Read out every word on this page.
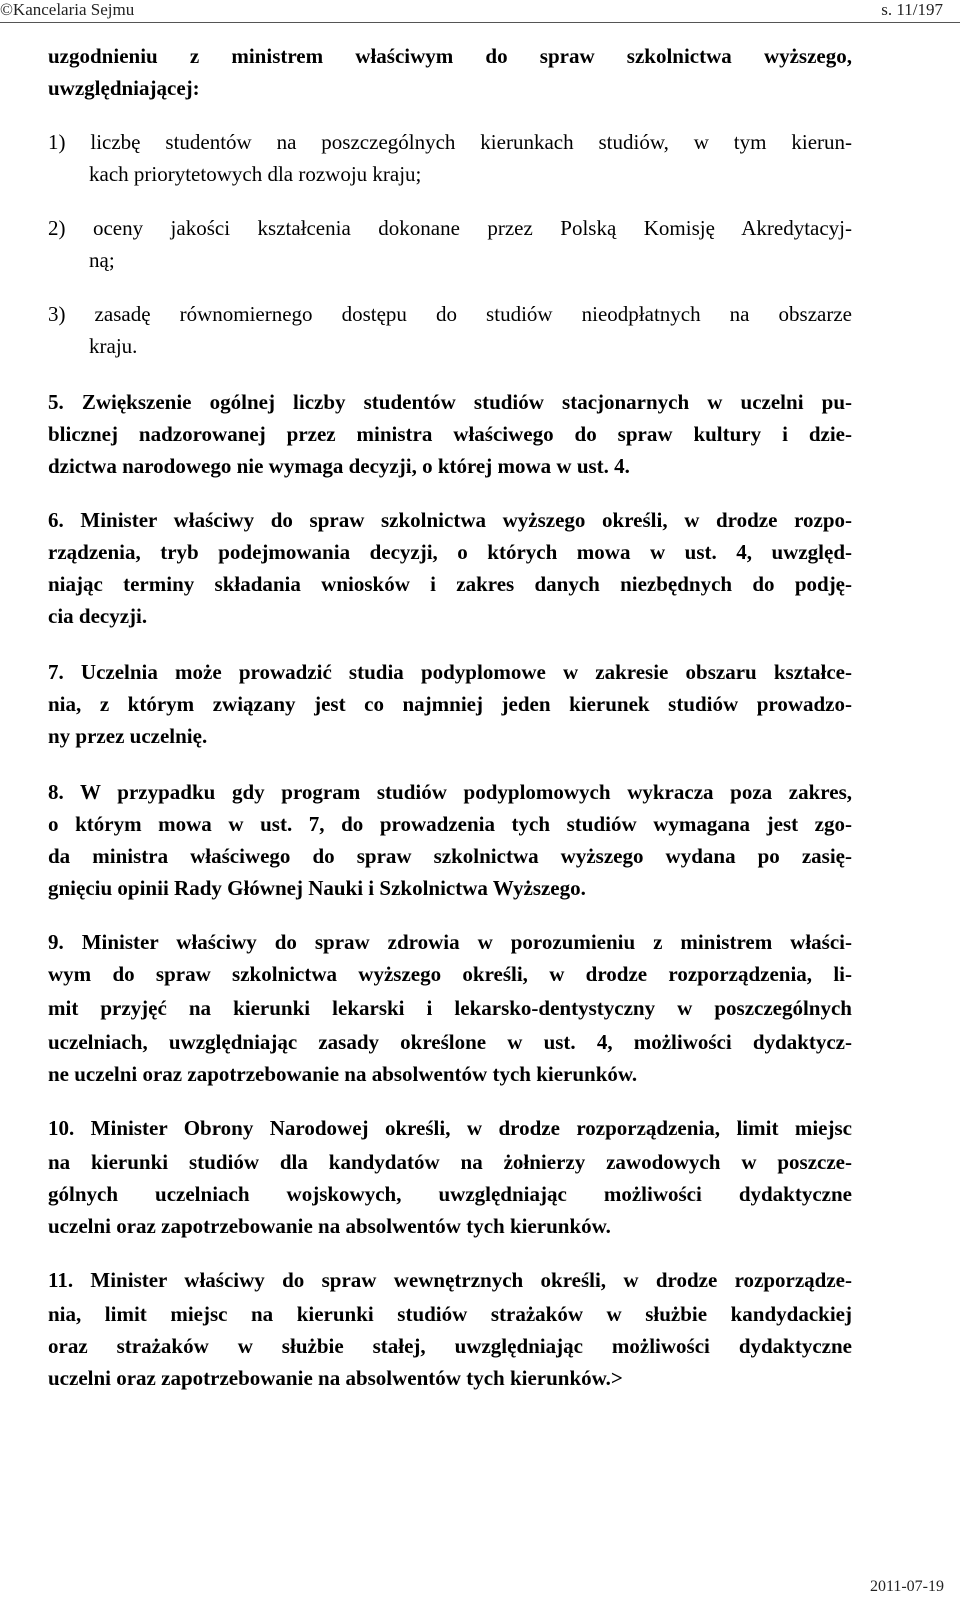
©Kancelaria Sejmu	s. 11/197
uzgodnieniu z ministrem właściwym do spraw szkolnictwa wyższego,
uwzględniającej:
1) liczbę studentów na poszczególnych kierunkach studiów, w tym kierun-
kach priorytetowych dla rozwoju kraju;
2) oceny jakości kształcenia dokonane przez Polską Komisję Akredytacyj-
ną;
3) zasadę równomiernego dostępu do studiów nieodpłatnych na obszarze
kraju.
5. Zwiększenie ogólnej liczby studentów studiów stacjonarnych w uczelni pu-
blicznej nadzorowanej przez ministra właściwego do spraw kultury i dzie-
dzictwa narodowego nie wymaga decyzji, o której mowa w ust. 4.
6. Minister właściwy do spraw szkolnictwa wyższego określi, w drodze rozpo-
rządzenia, tryb podejmowania decyzji, o których mowa w ust. 4, uwzględ-
niając terminy składania wniosków i zakres danych niezbędnych do podję-
cia decyzji.
7. Uczelnia może prowadzić studia podyplomowe w zakresie obszaru kształce-
nia, z którym związany jest co najmniej jeden kierunek studiów prowadzo-
ny przez uczelnię.
8. W przypadku gdy program studiów podyplomowych wykracza poza zakres,
o którym mowa w ust. 7, do prowadzenia tych studiów wymagana jest zgo-
da ministra właściwego do spraw szkolnictwa wyższego wydana po zasię-
gnięciu opinii Rady Głównej Nauki i Szkolnictwa Wyższego.
9. Minister właściwy do spraw zdrowia w porozumieniu z ministrem właści-
wym do spraw szkolnictwa wyższego określi, w drodze rozporządzenia, li-
mit przyjęć na kierunki lekarski i lekarsko-dentystyczny w poszczególnych
uczelniach, uwzględniając zasady określone w ust. 4, możliwości dydaktycz-
ne uczelni oraz zapotrzebowanie na absolwentów tych kierunków.
10. Minister Obrony Narodowej określi, w drodze rozporządzenia, limit miejsc
na kierunki studiów dla kandydatów na żołnierzy zawodowych w poszcze-
gólnych uczelniach wojskowych, uwzględniając możliwości dydaktyczne
uczelni oraz zapotrzebowanie na absolwentów tych kierunków.
11. Minister właściwy do spraw wewnętrznych określi, w drodze rozporządze-
nia, limit miejsc na kierunki studiów strażaków w służbie kandydackiej
oraz strażaków w służbie stałej, uwzględniając możliwości dydaktyczne
uczelni oraz zapotrzebowanie na absolwentów tych kierunków.>
2011-07-19
